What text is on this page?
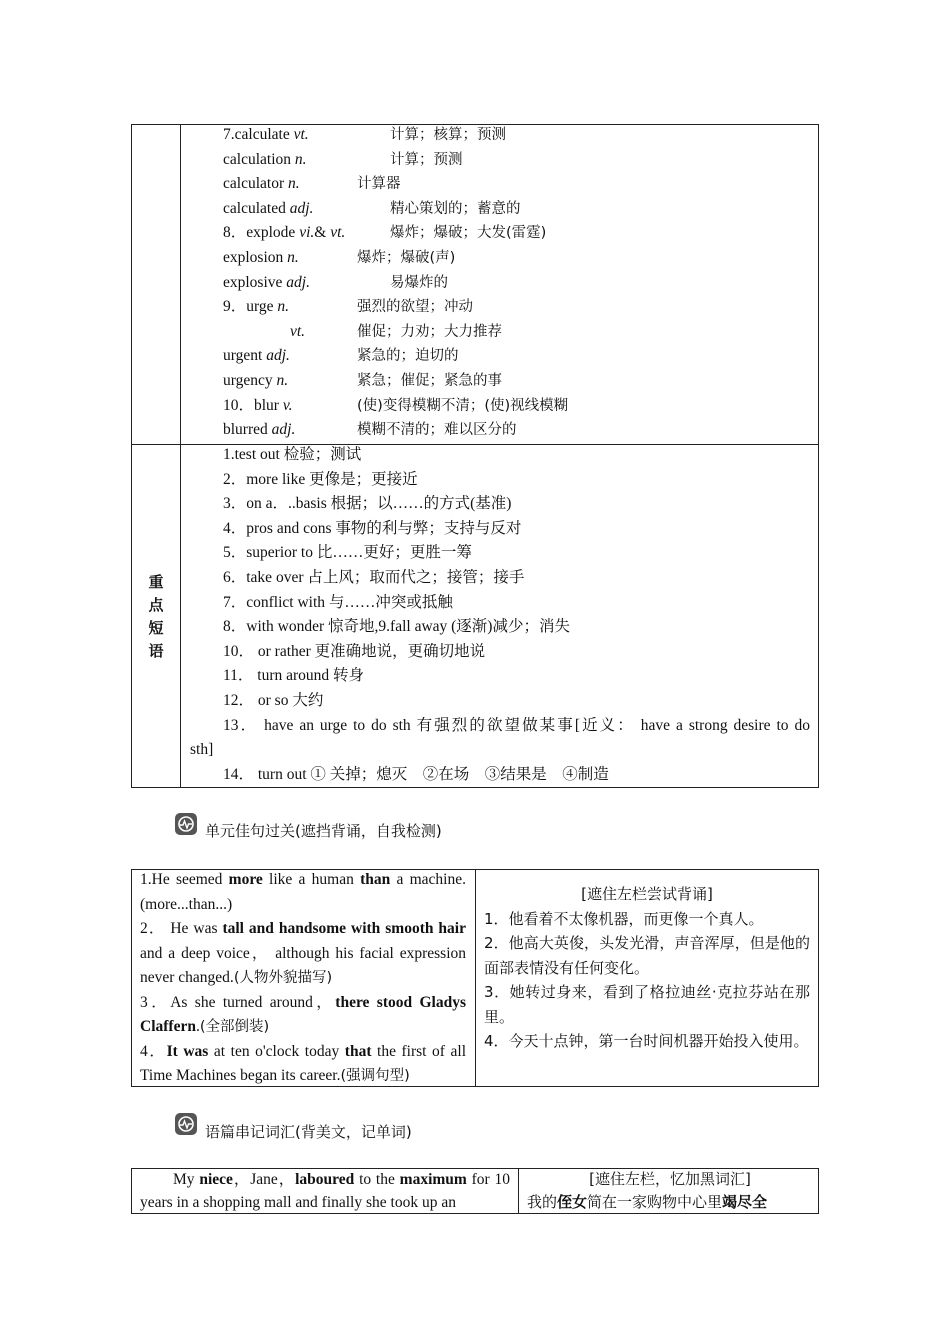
7.calculate vt.	计算；核算；预测
calculation n.	计算；预测
calculator n.	计算器
calculated adj.	精心策划的；蓄意的
8．explode vi.& vt.	爆炸；爆破；大发(雷霆)
explosion n.	爆炸；爆破(声)
explosive adj.	易爆炸的
9．urge n.	强烈的欲望；冲动
vt.	催促；力劝；大力推荐
urgent adj.	紧急的；迫切的
urgency n.	紧急；催促；紧急的事
10．blur v.	(使)变得模糊不清；(使)视线模糊
blurred adj.	模糊不清的；难以区分的
重
点
短
语
1.test out 检验；测试
2．more like 更像是；更接近
3．on a．..basis 根据；以……的方式(基准)
4．pros and cons 事物的利与弊；支持与反对
5．superior to 比……更好；更胜一筹
6．take over 占上风；取而代之；接管；接手
7．conflict with 与……冲突或抵触
8．with wonder 惊奇地,9.fall away (逐渐)减少；消失
10． or rather 更准确地说，更确切地说
11． turn around 转身
12． or so 大约
13． have an urge to do sth 有强烈的欲望做某事[近义： have a strong desire to do
sth]
14． turn out ① 关掉；熄灭　②在场　③结果是　④制造
单元佳句过关(遮挡背诵，自我检测)
1.He seemed more like a human than a machine.(more...than...)
2． He was tall and handsome with smooth hair and a deep voice， although his facial expression never changed.(人物外貌描写)
3．As she turned around，there stood Gladys Claffern.(全部倒装)
4．It was at ten o'clock today that the first of all Time Machines began its career.(强调句型)
[遮住左栏尝试背诵]
1．他看着不太像机器，而更像一个真人。
2．他高大英俊，头发光滑，声音浑厚，但是他的面部表情没有任何变化。
3．她转过身来，看到了格拉迪丝·克拉芬站在那里。
4．今天十点钟，第一台时间机器开始投入使用。
语篇串记词汇(背美文，记单词)
My niece，Jane，laboured to the maximum for 10 years in a shopping mall and finally she took up an
[遮住左栏，忆加黑词汇]
我的侄女简在一家购物中心里竭尽全
